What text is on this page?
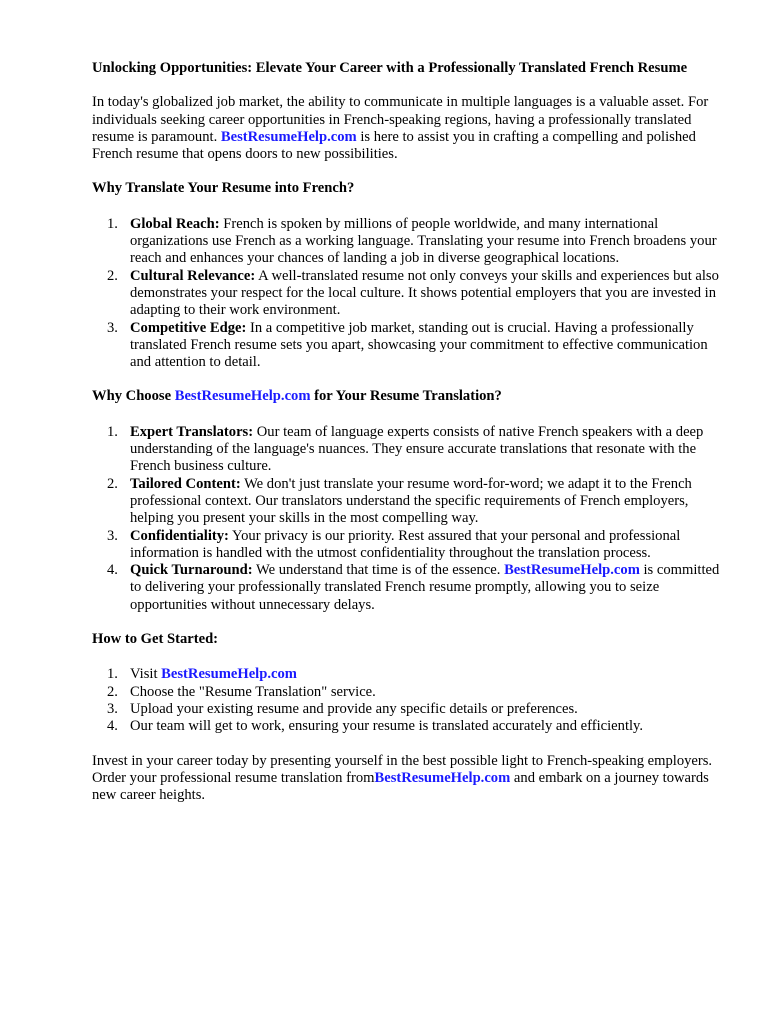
Unlocking Opportunities: Elevate Your Career with a Professionally Translated French Resume

In today's globalized job market, the ability to communicate in multiple languages is a valuable asset. For individuals seeking career opportunities in French-speaking regions, having a professionally translated resume is paramount. BestResumeHelp.com is here to assist you in crafting a compelling and polished French resume that opens doors to new possibilities.

Why Translate Your Resume into French?
1. Global Reach: French is spoken by millions of people worldwide, and many international organizations use French as a working language. Translating your resume into French broadens your reach and enhances your chances of landing a job in diverse geographical locations.
2. Cultural Relevance: A well-translated resume not only conveys your skills and experiences but also demonstrates your respect for the local culture. It shows potential employers that you are invested in adapting to their work environment.
3. Competitive Edge: In a competitive job market, standing out is crucial. Having a professionally translated French resume sets you apart, showcasing your commitment to effective communication and attention to detail.
Why Choose BestResumeHelp.com for Your Resume Translation?
1. Expert Translators: Our team of language experts consists of native French speakers with a deep understanding of the language's nuances. They ensure accurate translations that resonate with the French business culture.
2. Tailored Content: We don't just translate your resume word-for-word; we adapt it to the French professional context. Our translators understand the specific requirements of French employers, helping you present your skills in the most compelling way.
3. Confidentiality: Your privacy is our priority. Rest assured that your personal and professional information is handled with the utmost confidentiality throughout the translation process.
4. Quick Turnaround: We understand that time is of the essence. BestResumeHelp.com is committed to delivering your professionally translated French resume promptly, allowing you to seize opportunities without unnecessary delays.
How to Get Started:
1. Visit BestResumeHelp.com
2. Choose the "Resume Translation" service.
3. Upload your existing resume and provide any specific details or preferences.
4. Our team will get to work, ensuring your resume is translated accurately and efficiently.

Invest in your career today by presenting yourself in the best possible light to French-speaking employers. Order your professional resume translation fromBestResumeHelp.com and embark on a journey towards new career heights.
